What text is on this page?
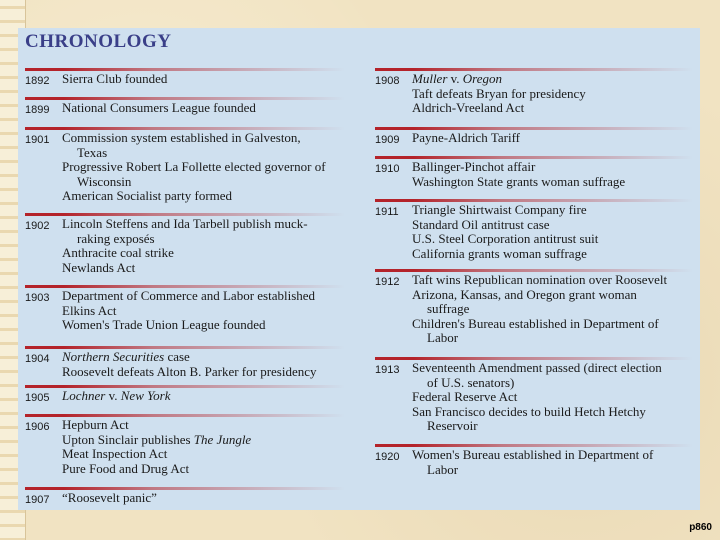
CHRONOLOGY
1892 Sierra Club founded
1899 National Consumers League founded
1901 Commission system established in Galveston,
Texas
Progressive Robert La Follette elected governor of
Wisconsin
American Socialist party formed
1902 Lincoln Steffens and Ida Tarbell publish muck-
raking exposés
Anthracite coal strike
Newlands Act
1903 Department of Commerce and Labor established
Elkins Act
Women's Trade Union League founded
1904 Northern Securities case
Roosevelt defeats Alton B. Parker for presidency
1905 Lochner v. New York
1906 Hepburn Act
Upton Sinclair publishes The Jungle
Meat Inspection Act
Pure Food and Drug Act
1907 “Roosevelt panic”
1908 Muller v. Oregon
Taft defeats Bryan for presidency
Aldrich-Vreeland Act
1909 Payne-Aldrich Tariff
1910 Ballinger-Pinchot affair
Washington State grants woman suffrage
1911	Triangle Shirtwaist Company fire
Standard Oil antitrust case
U.S. Steel Corporation antitrust suit
California grants woman suffrage
1912 Taft wins Republican nomination over Roosevelt
Arizona, Kansas, and Oregon grant woman
suffrage
Children's Bureau established in Department of
Labor
1913 Seventeenth Amendment passed (direct election
of U.S. senators)
Federal Reserve Act
San Francisco decides to build Hetch Hetchy
Reservoir
1920 Women's Bureau established in Department of
Labor
p860
